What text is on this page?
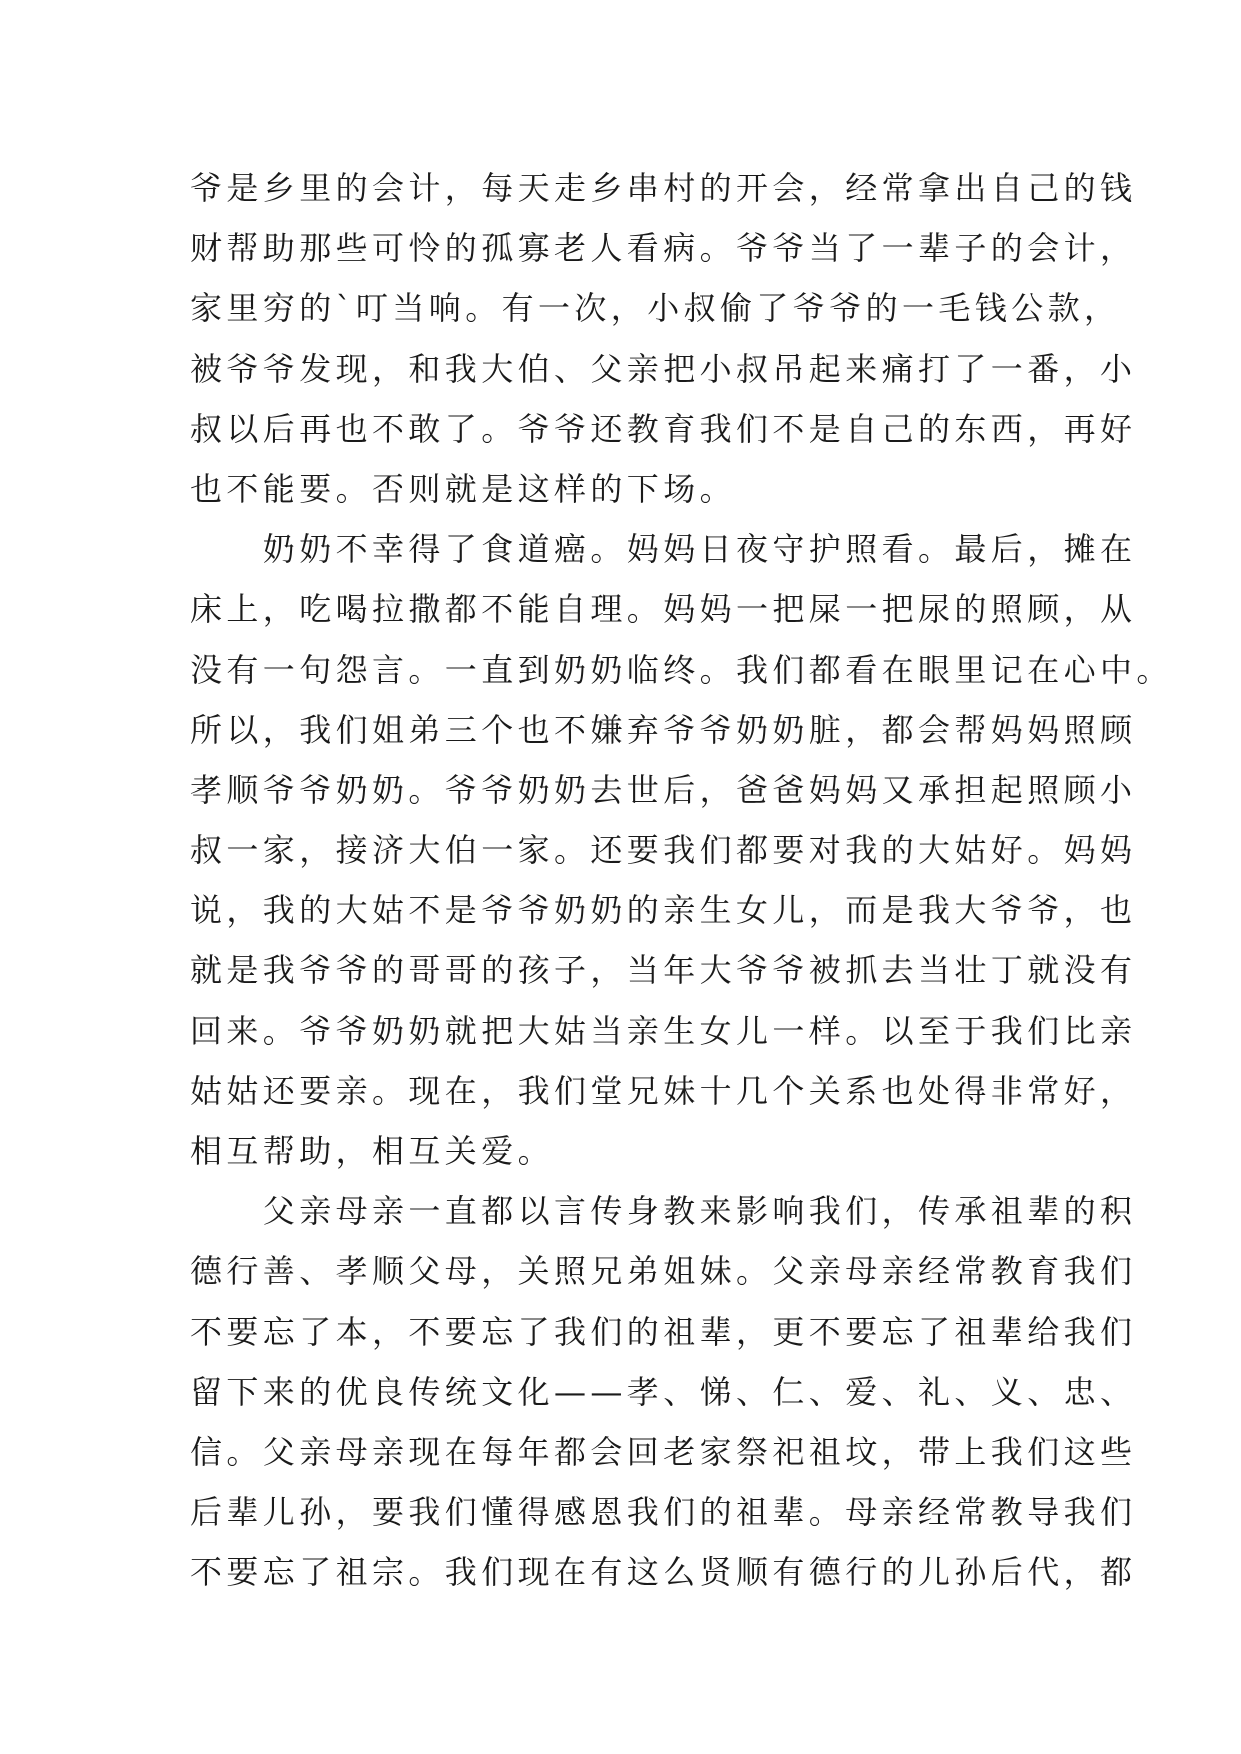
爷是乡里的会计，每天走乡串村的开会，经常拿出自己的钱

财帮助那些可怜的孤寡老人看病。爷爷当了一辈子的会计，

家里穷的`叮当响。有一次，小叔偷了爷爷的一毛钱公款，

被爷爷发现，和我大伯、父亲把小叔吊起来痛打了一番，小

叔以后再也不敢了。爷爷还教育我们不是自己的东西，再好

也不能要。否则就是这样的下场。

　　奶奶不幸得了食道癌。妈妈日夜守护照看。最后，摊在

床上，吃喝拉撒都不能自理。妈妈一把屎一把尿的照顾，从

没有一句怨言。一直到奶奶临终。我们都看在眼里记在心中。

所以，我们姐弟三个也不嫌弃爷爷奶奶脏，都会帮妈妈照顾

孝顺爷爷奶奶。爷爷奶奶去世后，爸爸妈妈又承担起照顾小

叔一家，接济大伯一家。还要我们都要对我的大姑好。妈妈

说，我的大姑不是爷爷奶奶的亲生女儿，而是我大爷爷，也

就是我爷爷的哥哥的孩子，当年大爷爷被抓去当壮丁就没有

回来。爷爷奶奶就把大姑当亲生女儿一样。以至于我们比亲

姑姑还要亲。现在，我们堂兄妹十几个关系也处得非常好，

相互帮助，相互关爱。

　　父亲母亲一直都以言传身教来影响我们，传承祖辈的积

德行善、孝顺父母，关照兄弟姐妹。父亲母亲经常教育我们

不要忘了本，不要忘了我们的祖辈，更不要忘了祖辈给我们

留下来的优良传统文化——孝、悌、仁、爱、礼、义、忠、

信。父亲母亲现在每年都会回老家祭祀祖坟，带上我们这些

后辈儿孙，要我们懂得感恩我们的祖辈。母亲经常教导我们

不要忘了祖宗。我们现在有这么贤顺有德行的儿孙后代，都
